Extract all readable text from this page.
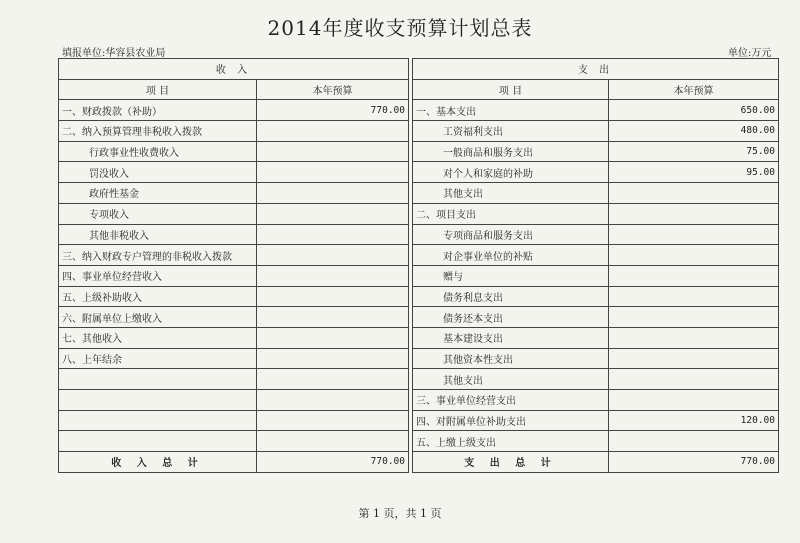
2014年度收支预算计划总表
填报单位:华容县农业局	单位:万元
收 入			支 出	
项 目	本年预算		项 目	本年预算
一、财政拨款（补助）	770.00		一、基本支出	650.00
二、纳入预算管理非税收入拨款			工资福利支出	480.00
行政事业性收费收入			一般商品和服务支出	75.00
罚没收入			对个人和家庭的补助	95.00
政府性基金			其他支出	
专项收入			二、项目支出	
其他非税收入			专项商品和服务支出	
三、纳入财政专户管理的非税收入拨款			对企事业单位的补贴	
四、事业单位经营收入			赠与	
五、上级补助收入			债务利息支出	
六、附属单位上缴收入			债务还本支出	
七、其他收入			基本建设支出	
八、上年结余			其他资本性支出	
			其他支出	
			三、事业单位经营支出	
			四、对附属单位补助支出	120.00
			五、上缴上级支出	
收 入 总 计	770.00		支 出 总 计	770.00
第 1 页，共 1 页
